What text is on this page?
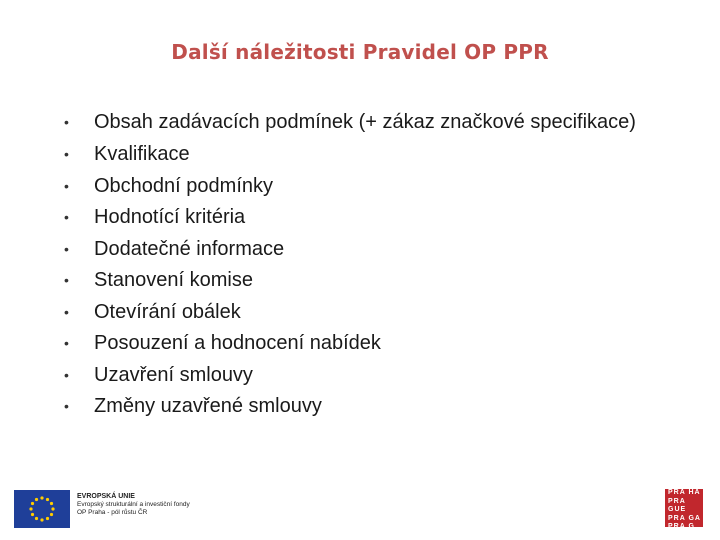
Další náležitosti Pravidel OP PPR
• Obsah zadávacích podmínek (+ zákaz značkové specifikace)
• Kvalifikace
• Obchodní podmínky
• Hodnotící kritéria
• Dodatečné informace
• Stanovení komise
• Otevírání obálek
• Posouzení a hodnocení nabídek
• Uzavření smlouvy
• Změny uzavřené smlouvy
EVROPSKÁ UNIE
Evropský strukturální a investiční fondy
OP Praha - pól růstu ČR
PRA HA
PRA GUE
PRA GA
PRA G
